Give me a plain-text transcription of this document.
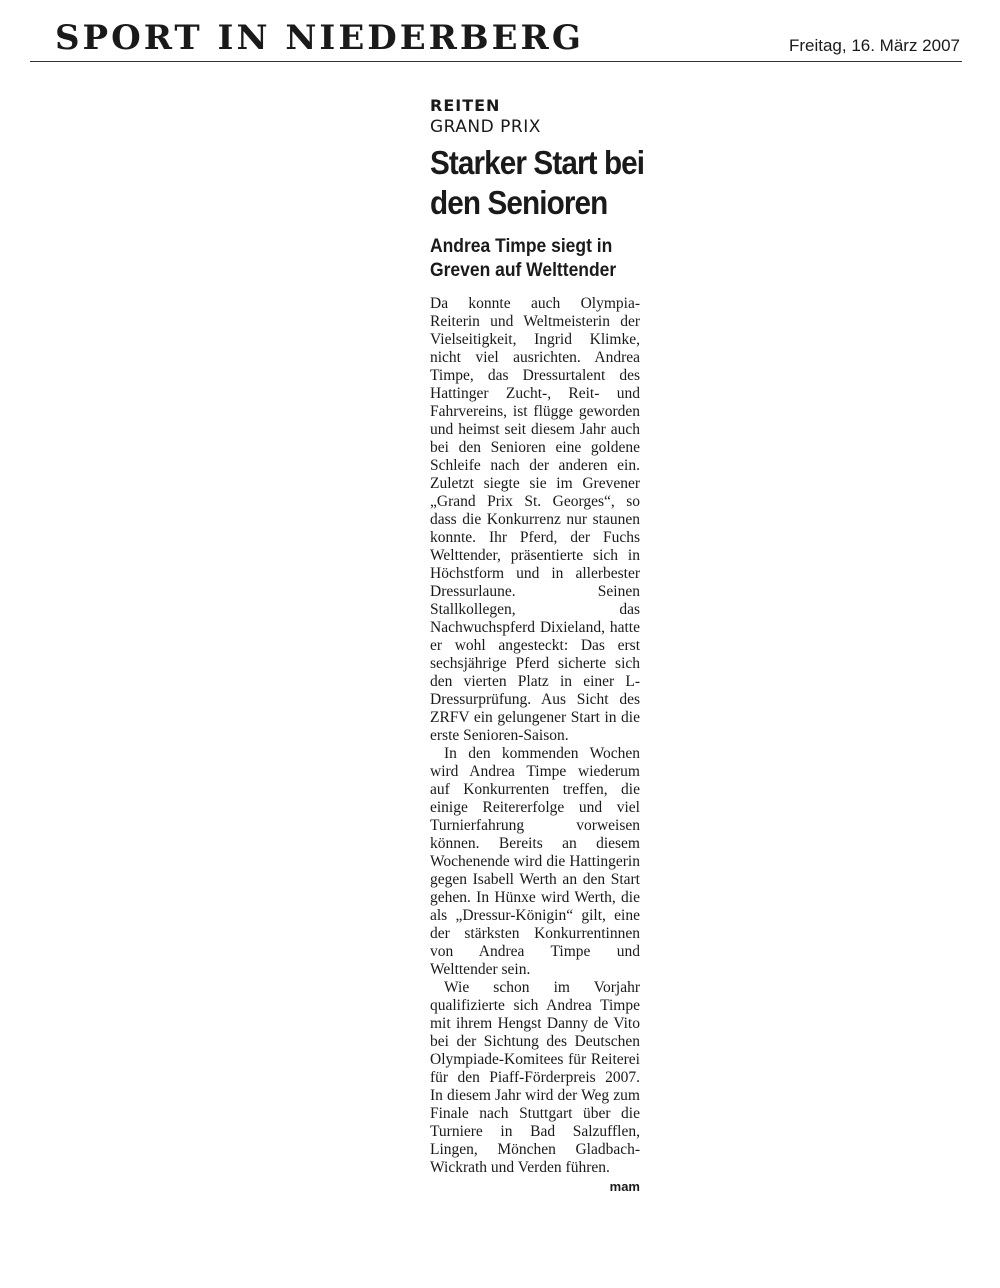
SPORT IN NIEDERBERG	Freitag, 16. März 2007
REITEN
GRAND PRIX
Starker Start bei den Senioren
Andrea Timpe siegt in Greven auf Welttender

Da konnte auch Olympia-Reiterin und Weltmeisterin der Vielseitigkeit, Ingrid Klimke, nicht viel ausrichten. Andrea Timpe, das Dressurtalent des Hattinger Zucht-, Reit- und Fahrvereins, ist flügge geworden und heimst seit diesem Jahr auch bei den Senioren eine goldene Schleife nach der anderen ein. Zuletzt siegte sie im Grevener „Grand Prix St. Georges“, so dass die Konkurrenz nur staunen konnte. Ihr Pferd, der Fuchs Welttender, präsentierte sich in Höchstform und in allerbester Dressurlaune. Seinen Stallkollegen, das Nachwuchspferd Dixieland, hatte er wohl angesteckt: Das erst sechsjährige Pferd sicherte sich den vierten Platz in einer L-Dressurprüfung. Aus Sicht des ZRFV ein gelungener Start in die erste Senioren-Saison.

In den kommenden Wochen wird Andrea Timpe wiederum auf Konkurrenten treffen, die einige Reitererfolge und viel Turnierfahrung vorweisen können. Bereits an diesem Wochenende wird die Hattingerin gegen Isabell Werth an den Start gehen. In Hünxe wird Werth, die als „Dressur-Königin“ gilt, eine der stärksten Konkurrentinnen von Andrea Timpe und Welttender sein.

Wie schon im Vorjahr qualifizierte sich Andrea Timpe mit ihrem Hengst Danny de Vito bei der Sichtung des Deutschen Olympiade-Komitees für Reiterei für den Piaff-Förderpreis 2007. In diesem Jahr wird der Weg zum Finale nach Stuttgart über die Turniere in Bad Salzufflen, Lingen, Mönchen Gladbach-Wickrath und Verden führen.
mam
